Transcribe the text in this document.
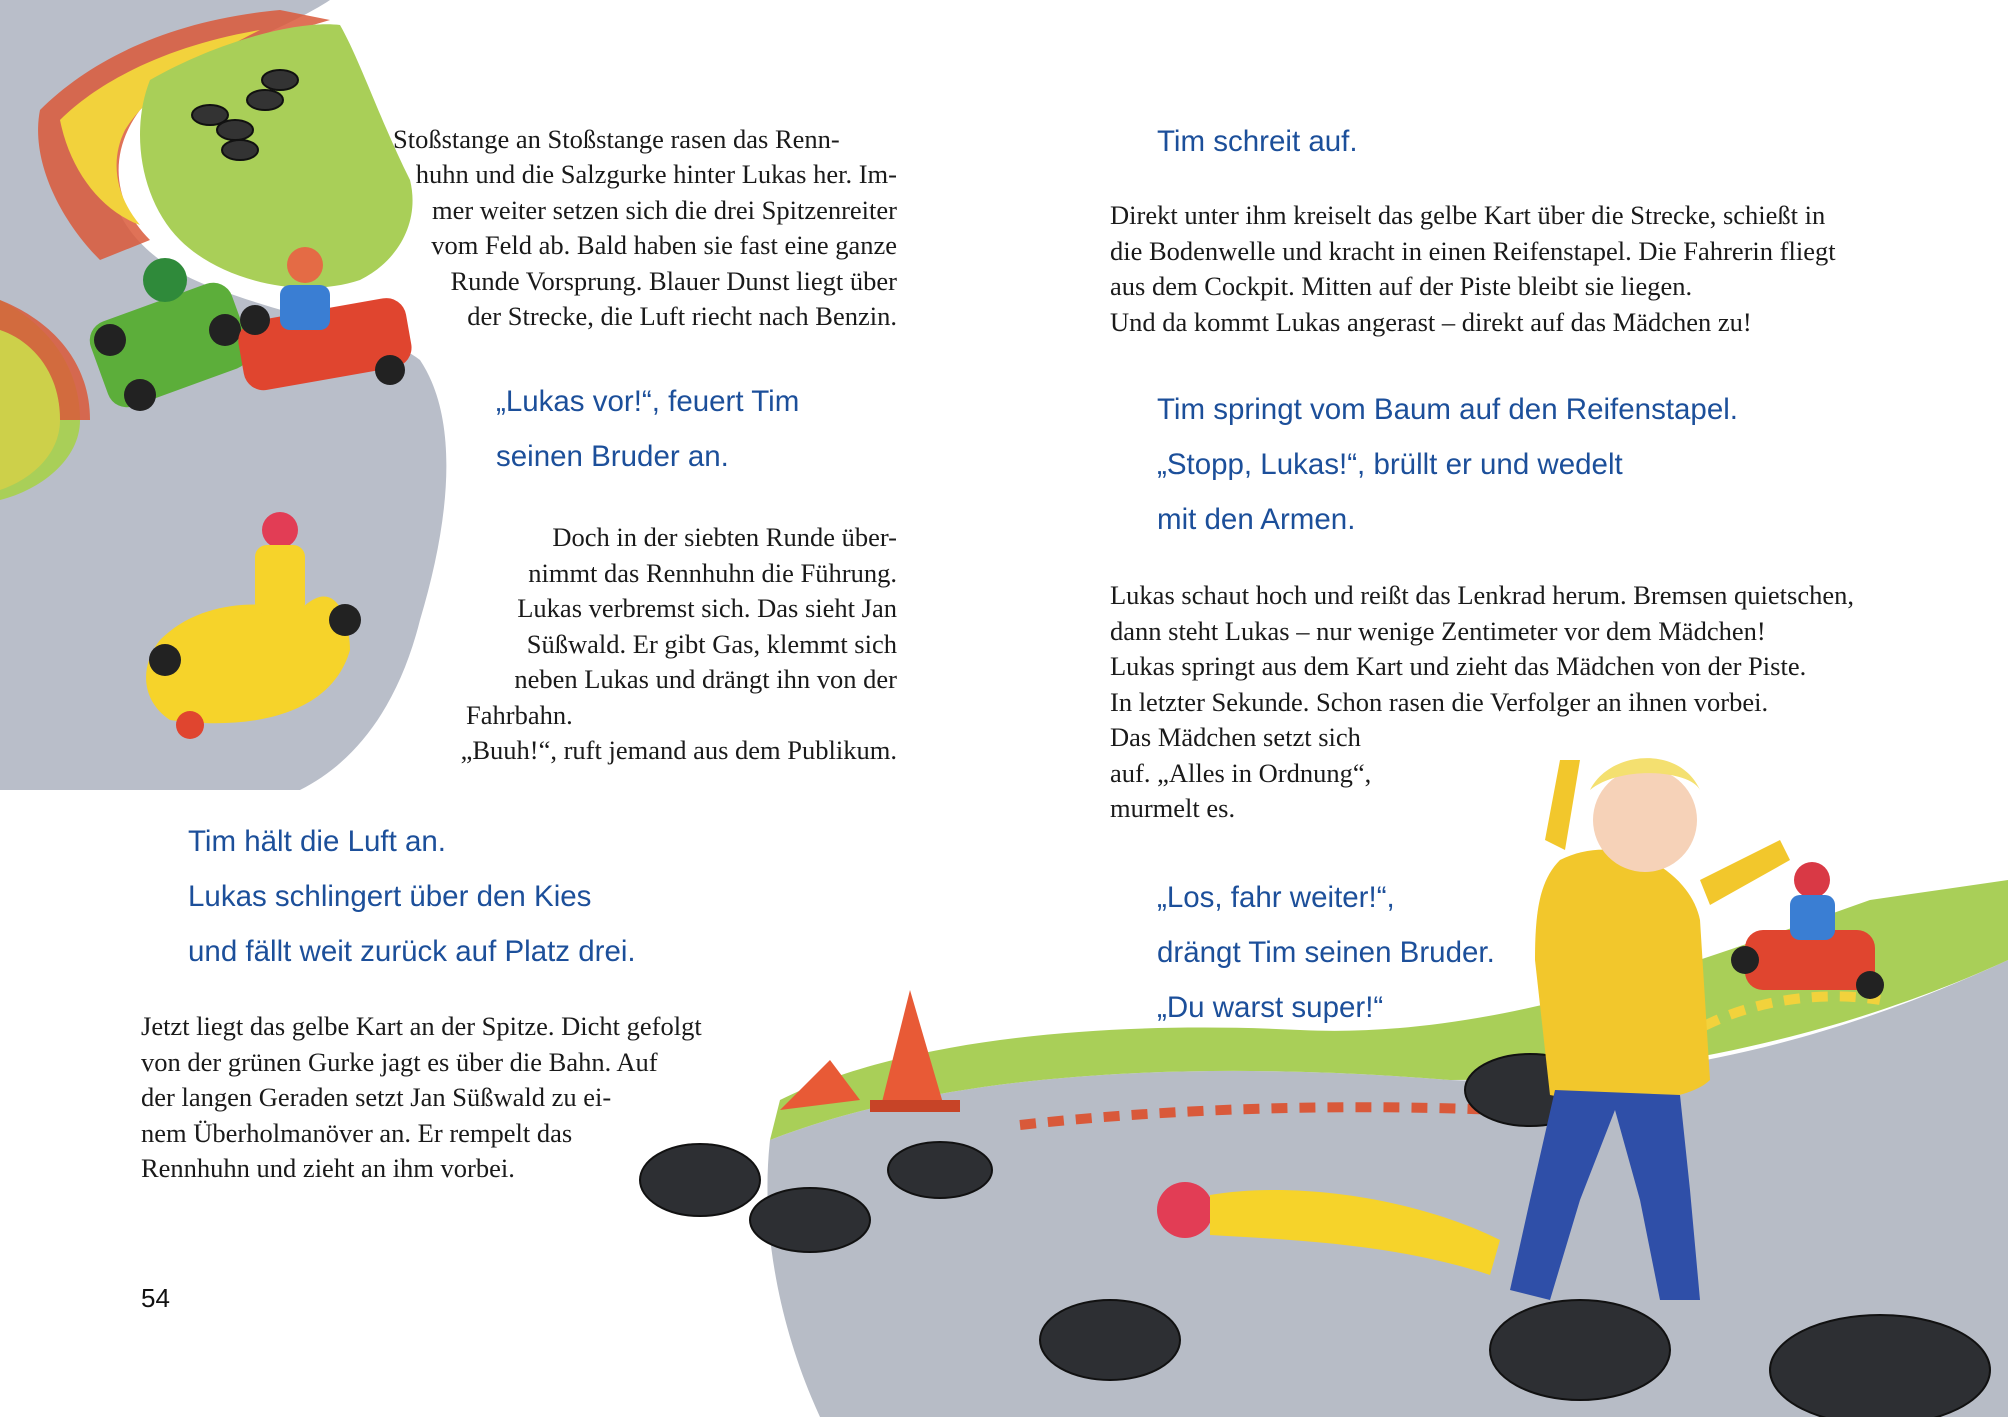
Stoßstange an Stoßstange rasen das Renn-
huhn und die Salzgurke hinter Lukas her. Im-
mer weiter setzen sich die drei Spitzenreiter
vom Feld ab. Bald haben sie fast eine ganze
Runde Vorsprung. Blauer Dunst liegt über
der Strecke, die Luft riecht nach Benzin.
„Lukas vor!“, feuert Tim
seinen Bruder an.
Doch in der siebten Runde über-
nimmt das Rennhuhn die Führung.
Lukas verbremst sich. Das sieht Jan
Süßwald. Er gibt Gas, klemmt sich
neben Lukas und drängt ihn von der
Fahrbahn.
„Buuh!“, ruft jemand aus dem Publikum.
Tim hält die Luft an.
Lukas schlingert über den Kies
und fällt weit zurück auf Platz drei.
Jetzt liegt das gelbe Kart an der Spitze. Dicht gefolgt
von der grünen Gurke jagt es über die Bahn. Auf
der langen Geraden setzt Jan Süßwald zu ei-
nem Überholmanöver an. Er rempelt das
Rennhuhn und zieht an ihm vorbei.
54
Tim schreit auf.
Direkt unter ihm kreiselt das gelbe Kart über die Strecke, schießt in
die Bodenwelle und kracht in einen Reifenstapel. Die Fahrerin fliegt
aus dem Cockpit. Mitten auf der Piste bleibt sie liegen.
Und da kommt Lukas angerast – direkt auf das Mädchen zu!
Tim springt vom Baum auf den Reifenstapel.
„Stopp, Lukas!“, brüllt er und wedelt
mit den Armen.
Lukas schaut hoch und reißt das Lenkrad herum. Bremsen quietschen,
dann steht Lukas – nur wenige Zentimeter vor dem Mädchen!
Lukas springt aus dem Kart und zieht das Mädchen von der Piste.
In letzter Sekunde. Schon rasen die Verfolger an ihnen vorbei.
Das Mädchen setzt sich
auf. „Alles in Ordnung“,
murmelt es.
„Los, fahr weiter!“,
drängt Tim seinen Bruder.
„Du warst super!“
